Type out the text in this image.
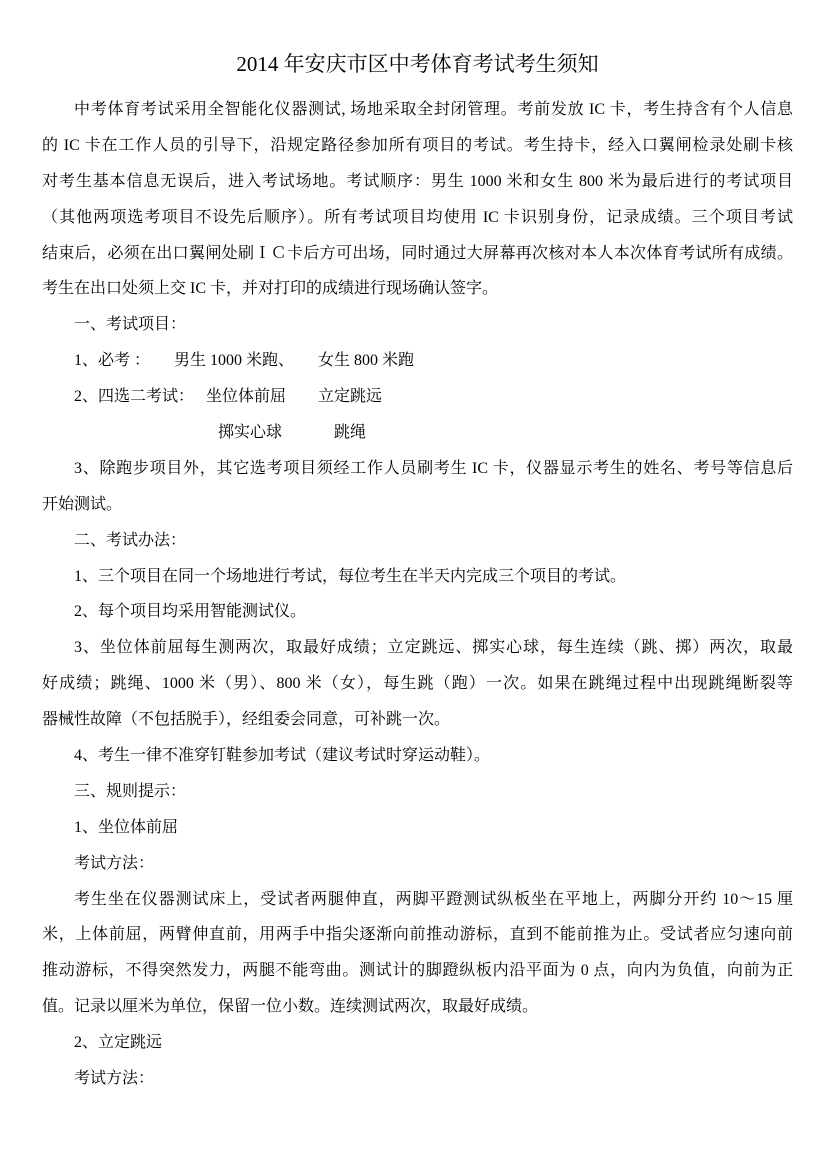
2014 年安庆市区中考体育考试考生须知
中考体育考试采用全智能化仪器测试, 场地采取全封闭管理。考前发放 IC 卡，考生持含有个人信息
的 IC 卡在工作人员的引导下，沿规定路径参加所有项目的考试。考生持卡，经入口翼闸检录处刷卡核
对考生基本信息无误后，进入考试场地。考试顺序：男生 1000 米和女生 800 米为最后进行的考试项目
（其他两项选考项目不设先后顺序）。所有考试项目均使用 IC 卡识别身份，记录成绩。三个项目考试
结束后，必须在出口翼闸处刷ＩＣ卡后方可出场，同时通过大屏幕再次核对本人本次体育考试所有成绩。
考生在出口处须上交 IC 卡，并对打印的成绩进行现场确认签字。
一、考试项目：
1、必考 ：　　男生 1000 米跑、　　女生 800 米跑
2、四选二考试：　 坐位体前屈　　立定跳远
　　　　　　　　　　　掷实心球　　　 跳绳
3、除跑步项目外，其它选考项目须经工作人员刷考生 IC 卡，仪器显示考生的姓名、考号等信息后
开始测试。
二、考试办法：
1、三个项目在同一个场地进行考试，每位考生在半天内完成三个项目的考试。
2、每个项目均采用智能测试仪。
3、坐位体前屈每生测两次，取最好成绩；立定跳远、掷实心球，每生连续（跳、掷）两次，取最
好成绩；跳绳、1000 米（男）、800 米（女），每生跳（跑）一次。如果在跳绳过程中出现跳绳断裂等
器械性故障（不包括脱手），经组委会同意，可补跳一次。
4、考生一律不准穿钉鞋参加考试（建议考试时穿运动鞋）。
三、规则提示：
1、坐位体前屈
考试方法：
考生坐在仪器测试床上，受试者两腿伸直，两脚平蹬测试纵板坐在平地上，两脚分开约 10～15 厘
米，上体前屈，两臂伸直前，用两手中指尖逐渐向前推动游标，直到不能前推为止。受试者应匀速向前
推动游标，不得突然发力，两腿不能弯曲。测试计的脚蹬纵板内沿平面为 0 点，向内为负值，向前为正
值。记录以厘米为单位，保留一位小数。连续测试两次，取最好成绩。
2、立定跳远
考试方法：
